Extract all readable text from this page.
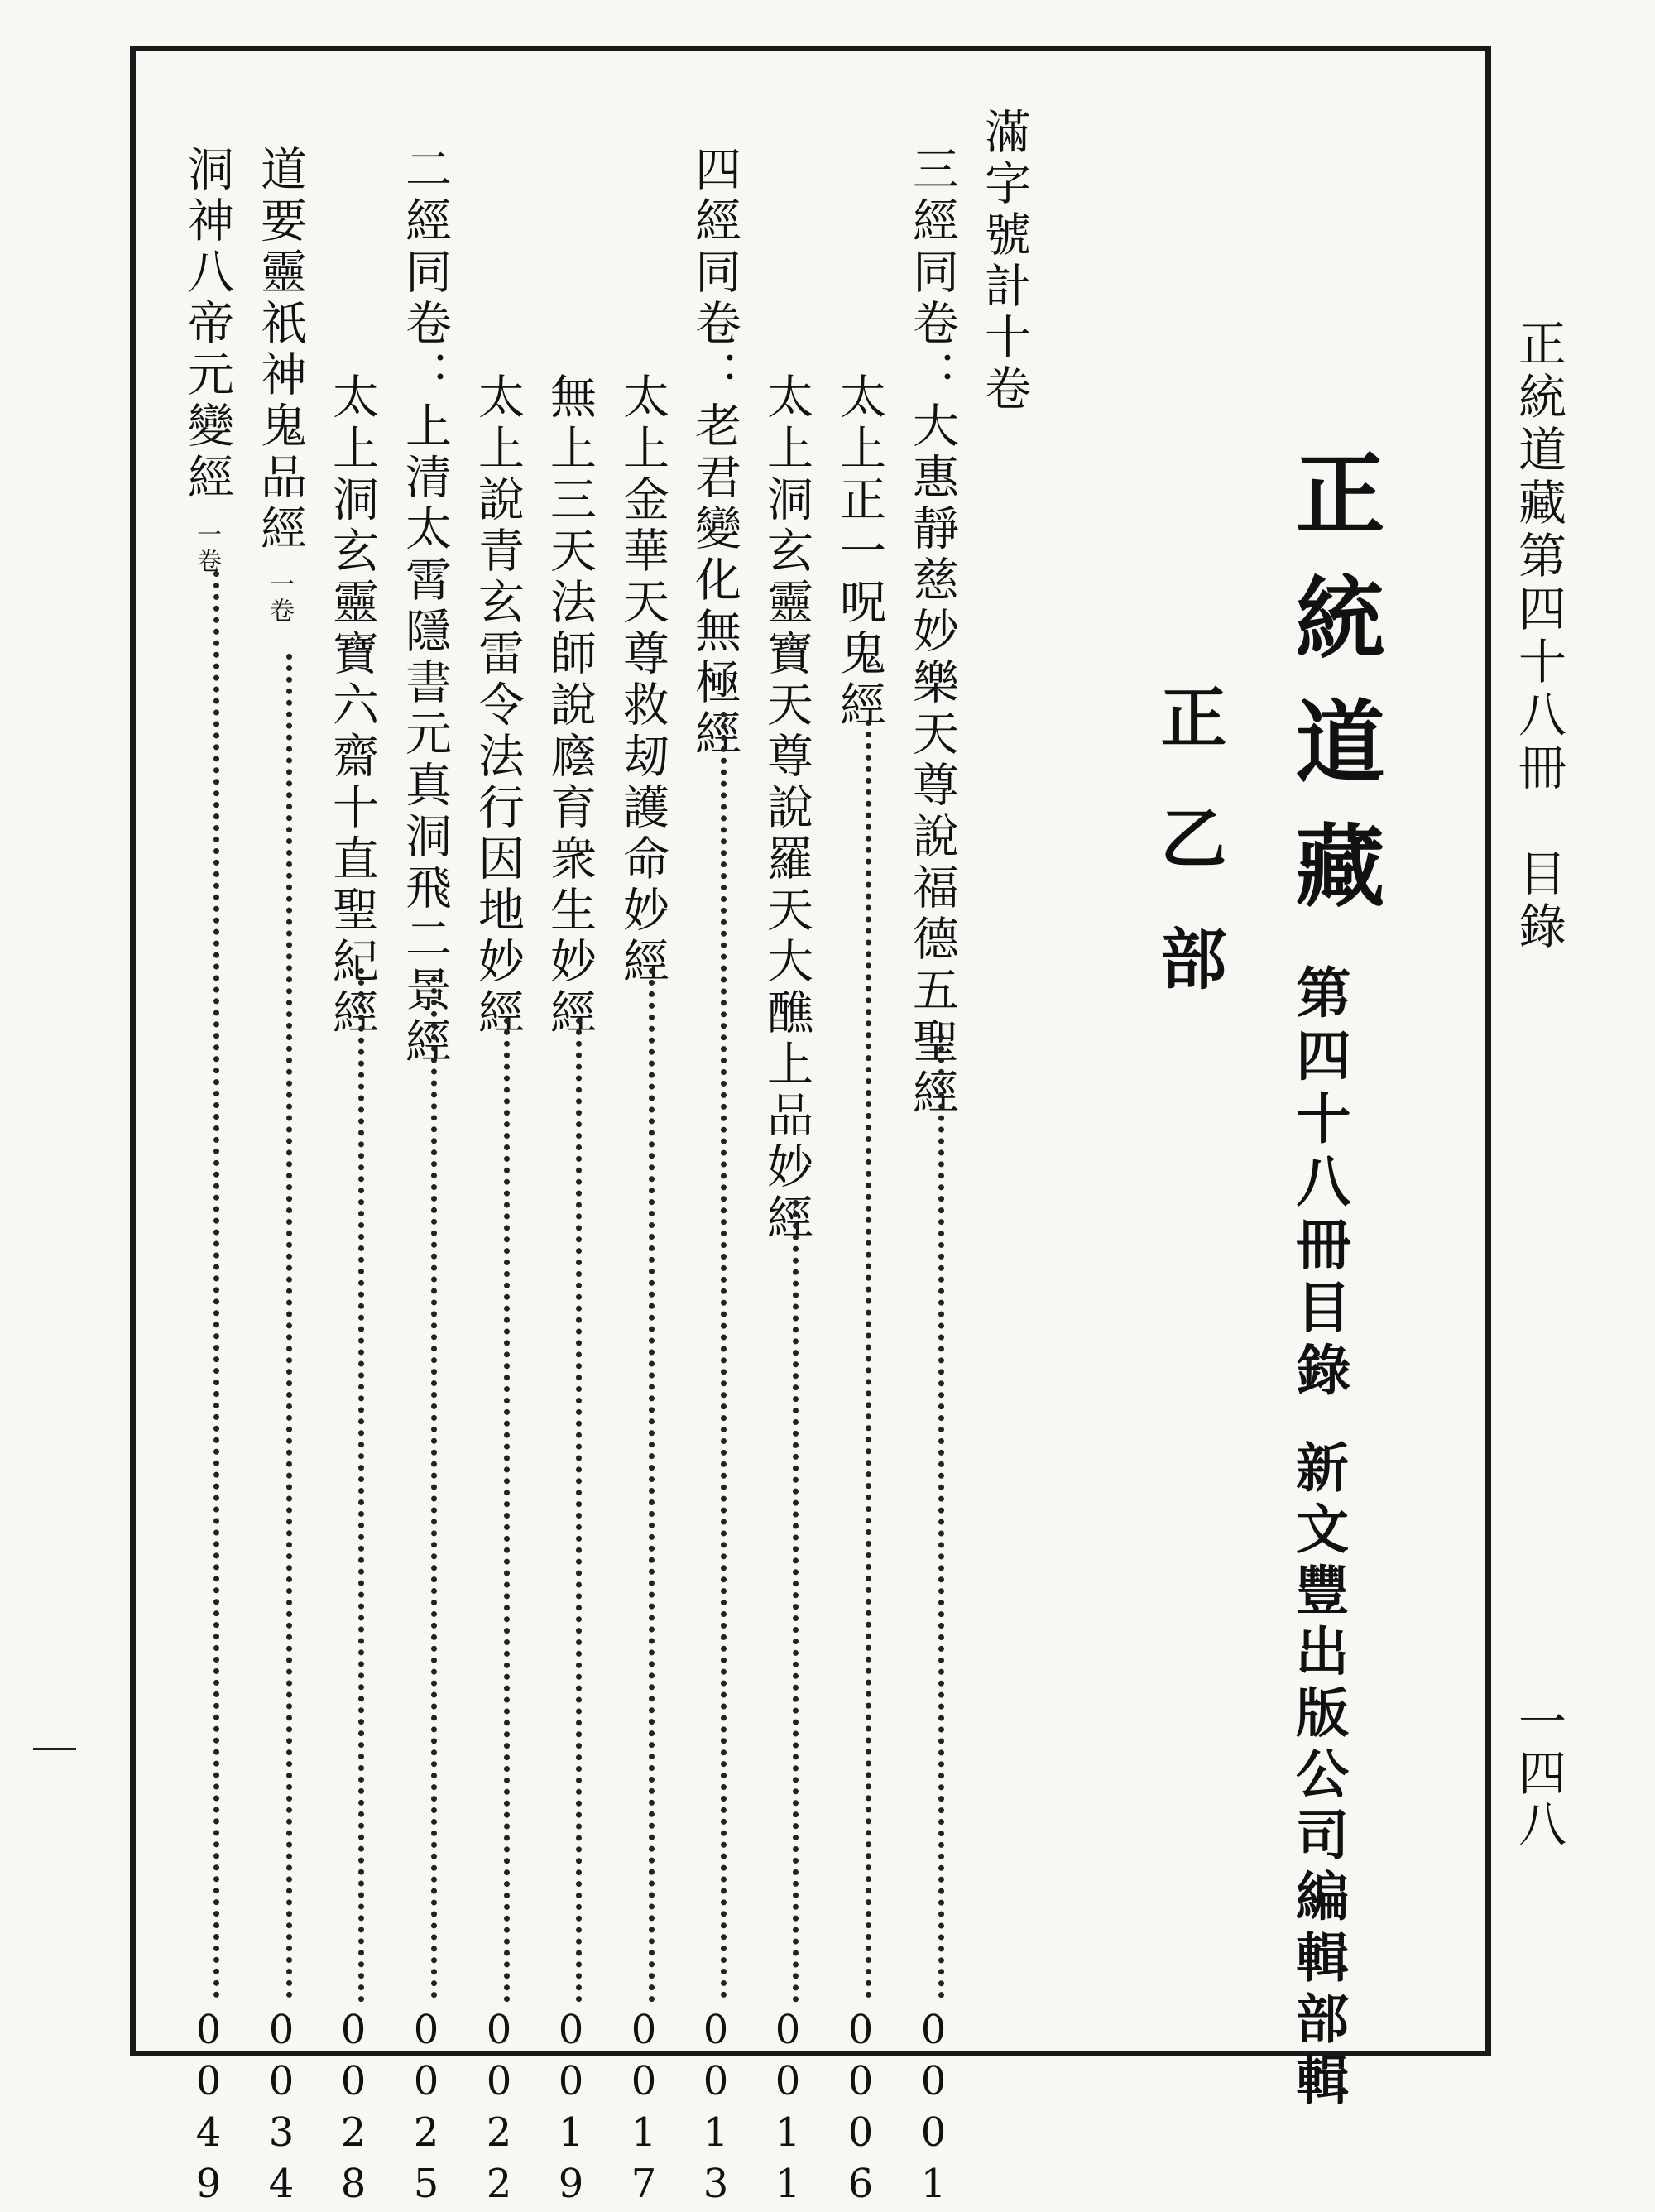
正統道藏第四十八冊　目錄
一四八
正統道藏
第四十八冊目錄
新文豐出版公司編輯部輯
正乙部
滿字號計十卷
三經同卷：大惠靜慈妙樂天尊說福德五聖經
0001
太上正一呪鬼經
0006
太上洞玄靈寶天尊說羅天大醮上品妙經
0011
四經同卷：老君變化無極經
0013
太上金華天尊救刼護命妙經
0017
無上三天法師說廕育衆生妙經
0019
太上說青玄雷令法行因地妙經
0022
二經同卷：上清太霄隱書元真洞飛二景經
0025
太上洞玄靈寶六齋十直聖紀經
0028
道要靈祇神鬼品經
一卷
0034
洞神八帝元變經
一卷
0049
